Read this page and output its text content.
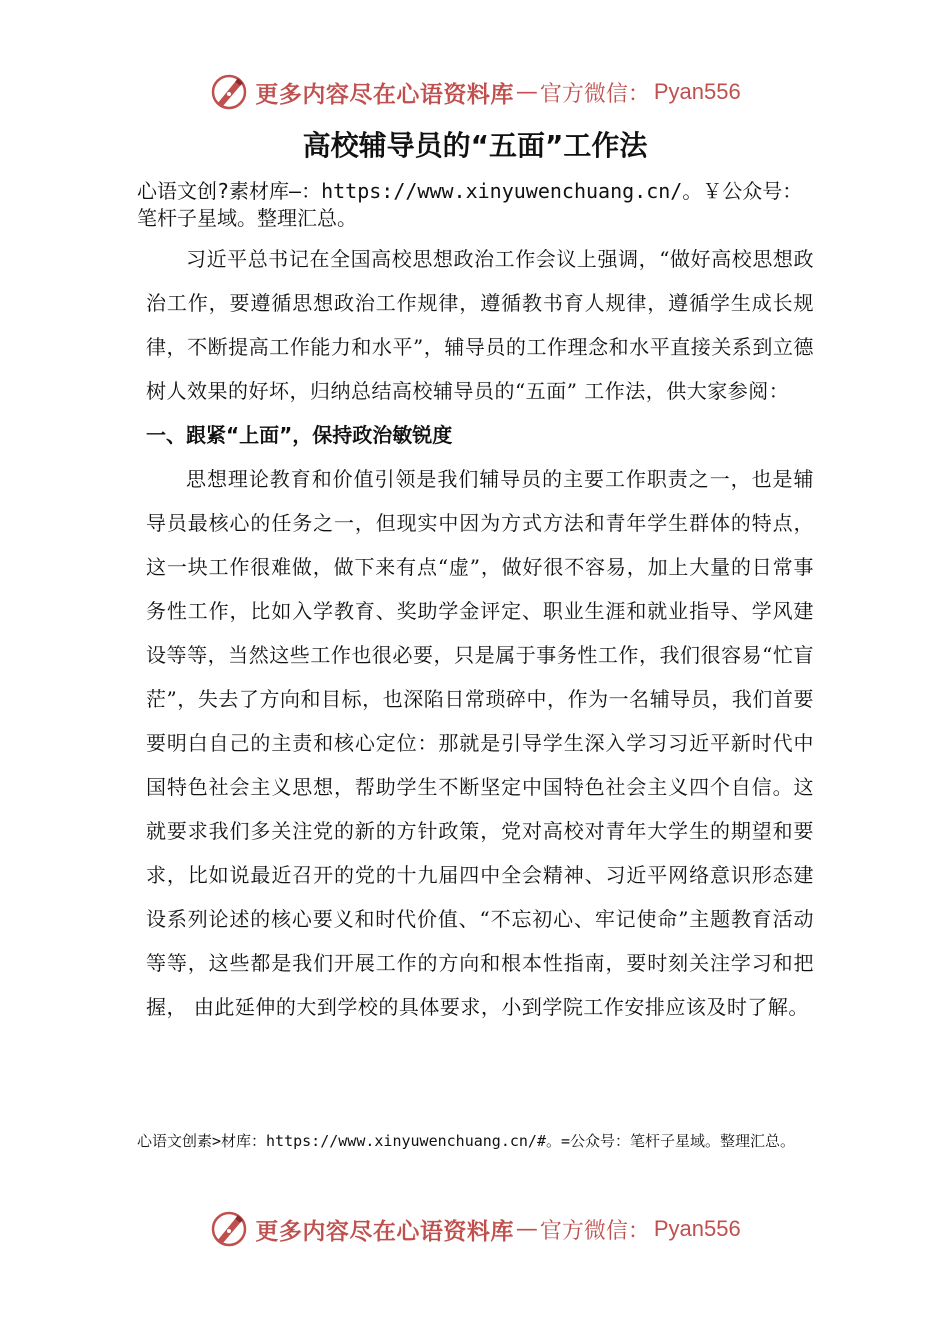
更多内容尽在心语资料库 — 官方微信： Pyan556
高校辅导员的“五面”工作法

心语文创?素材库—：https://www.xinyuwenchuang.cn/。￥公众号：笔杆子星域。整理汇总。

习近平总书记在全国高校思想政治工作会议上强调，“做好高校思想政治工作，要遵循思想政治工作规律，遵循教书育人规律，遵循学生成长规律，不断提高工作能力和水平”，辅导员的工作理念和水平直接关系到立德树人效果的好坏，归纳总结高校辅导员的“五面” 工作法，供大家参阅：

一、跟紧“上面”，保持政治敏锐度

思想理论教育和价值引领是我们辅导员的主要工作职责之一，也是辅导员最核心的任务之一，但现实中因为方式方法和青年学生群体的特点，这一块工作很难做，做下来有点“虚”，做好很不容易，加上大量的日常事务性工作，比如入学教育、奖助学金评定、职业生涯和就业指导、学风建设等等，当然这些工作也很必要，只是属于事务性工作，我们很容易“忙盲茫”，失去了方向和目标，也深陷日常琐碎中，作为一名辅导员，我们首要要明白自己的主责和核心定位：那就是引导学生深入学习习近平新时代中国特色社会主义思想，帮助学生不断坚定中国特色社会主义四个自信。这就要求我们多关注党的新的方针政策，党对高校对青年大学生的期望和要求，比如说最近召开的党的十九届四中全会精神、习近平网络意识形态建设系列论述的核心要义和时代价值、“不忘初心、牢记使命”主题教育活动等等，这些都是我们开展工作的方向和根本性指南，要时刻关注学习和把握， 由此延伸的大到学校的具体要求，小到学院工作安排应该及时了解。

心语文创素>材库：https://www.xinyuwenchuang.cn/#。=公众号：笔杆子星域。整理汇总。

更多内容尽在心语资料库 — 官方微信： Pyan556
